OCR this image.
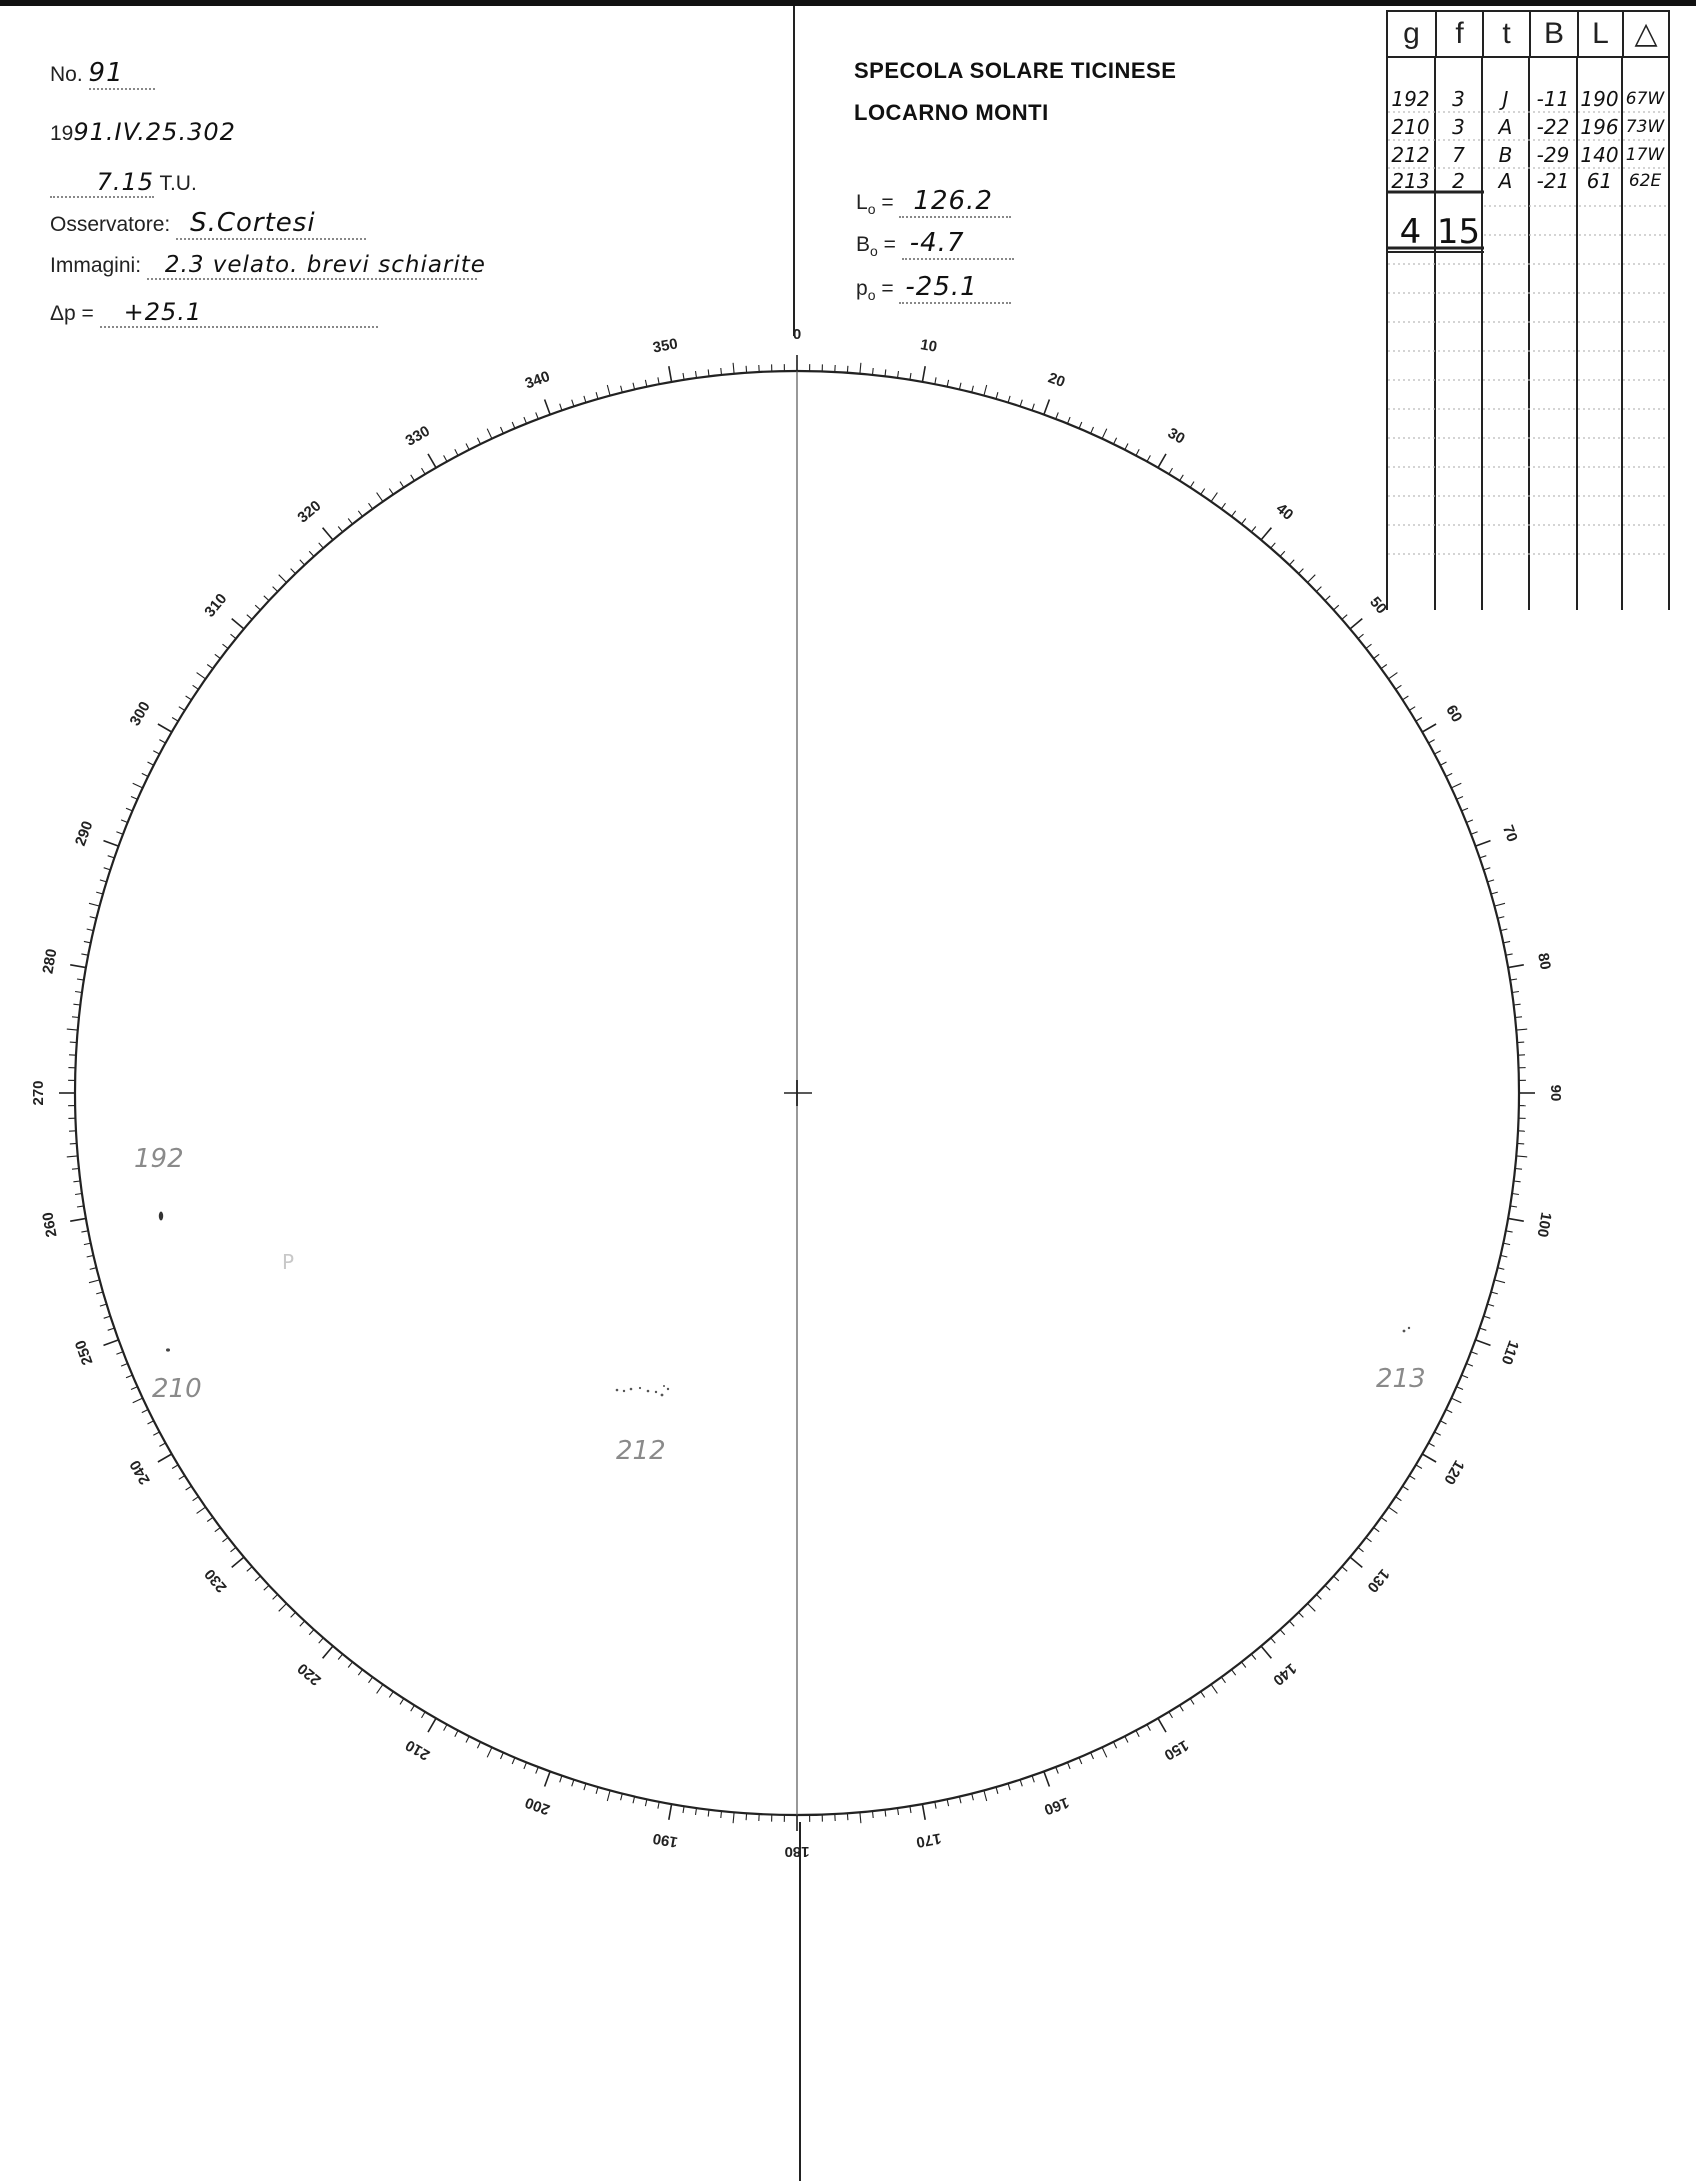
No. 91
1991.IV.25.302
7.15 T.U.
Osservatore: S.Cortesi
Immagini: 2.3 velato. brevi schiarite
Δp = +25.1
SPECOLA SOLARE TICINESE
LOCARNO MONTI
$L_o = 126.2$
$B_o = -4.7$
$p_o = -25.1$
g	f	t	B L △
192	3	J	-11 190 67W
210	3	A	-22 196 73W
212	7	B	-29 140 17W
213	2	A	-21 61 62E
4 15
0
10
20
30
40
50
60
70
80
90
100
110
120
130
140
150
160
170
180
190
200
210
220
230
240
250
260
270
280
290
300
310
320
330
340
350
192
210
212
213
P
